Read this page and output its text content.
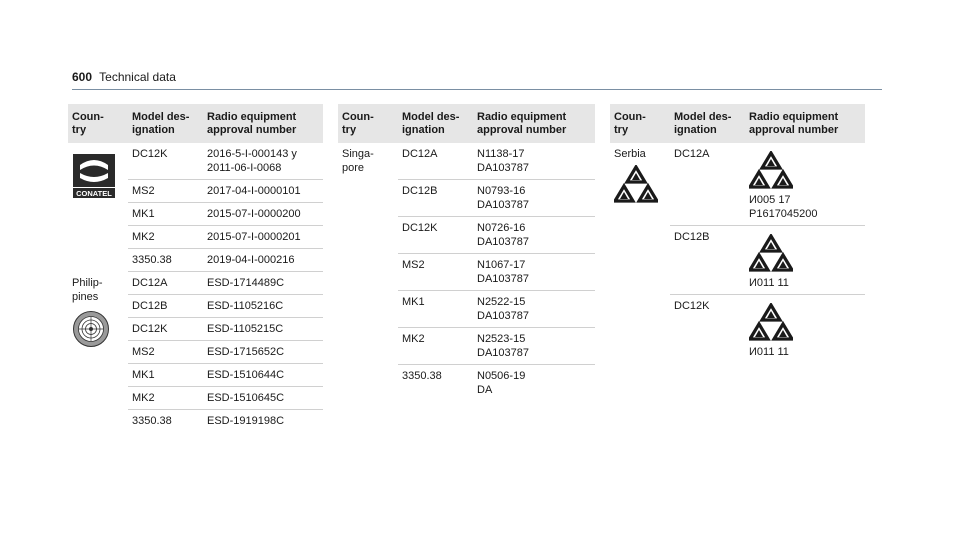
600 Technical data
Coun-
try	Model des-
ignation	Radio equipment
approval number

CONATEL	DC12K	2016-5-I-000143 y
2011-06-I-0068

	MS2	2017-04-I-0000101

	MK1	2015-07-I-0000200

	MK2	2015-07-I-0000201

	3350.38	2019-04-I-000216

Philip-
pines	DC12A	ESD-1714489C

	DC12B	ESD-1105216C

	DC12K	ESD-1105215C

	MS2	ESD-1715652C

	MK1	ESD-1510644C

	MK2	ESD-1510645C

	3350.38	ESD-1919198C
Coun-
try	Model des-
ignation	Radio equipment
approval number

Singa-
pore	DC12A	N1138-17
DA103787

	DC12B	N0793-16
DA103787

	DC12K	N0726-16
DA103787

	MS2	N1067-17
DA103787

	MK1	N2522-15
DA103787

	MK2	N2523-15
DA103787

	3350.38	N0506-19
DA
Coun-
try	Model des-
ignation	Radio equipment
approval number

Serbia	DC12A	И005 17
P1617045200

	DC12B	И011 11

	DC12K	И011 11
